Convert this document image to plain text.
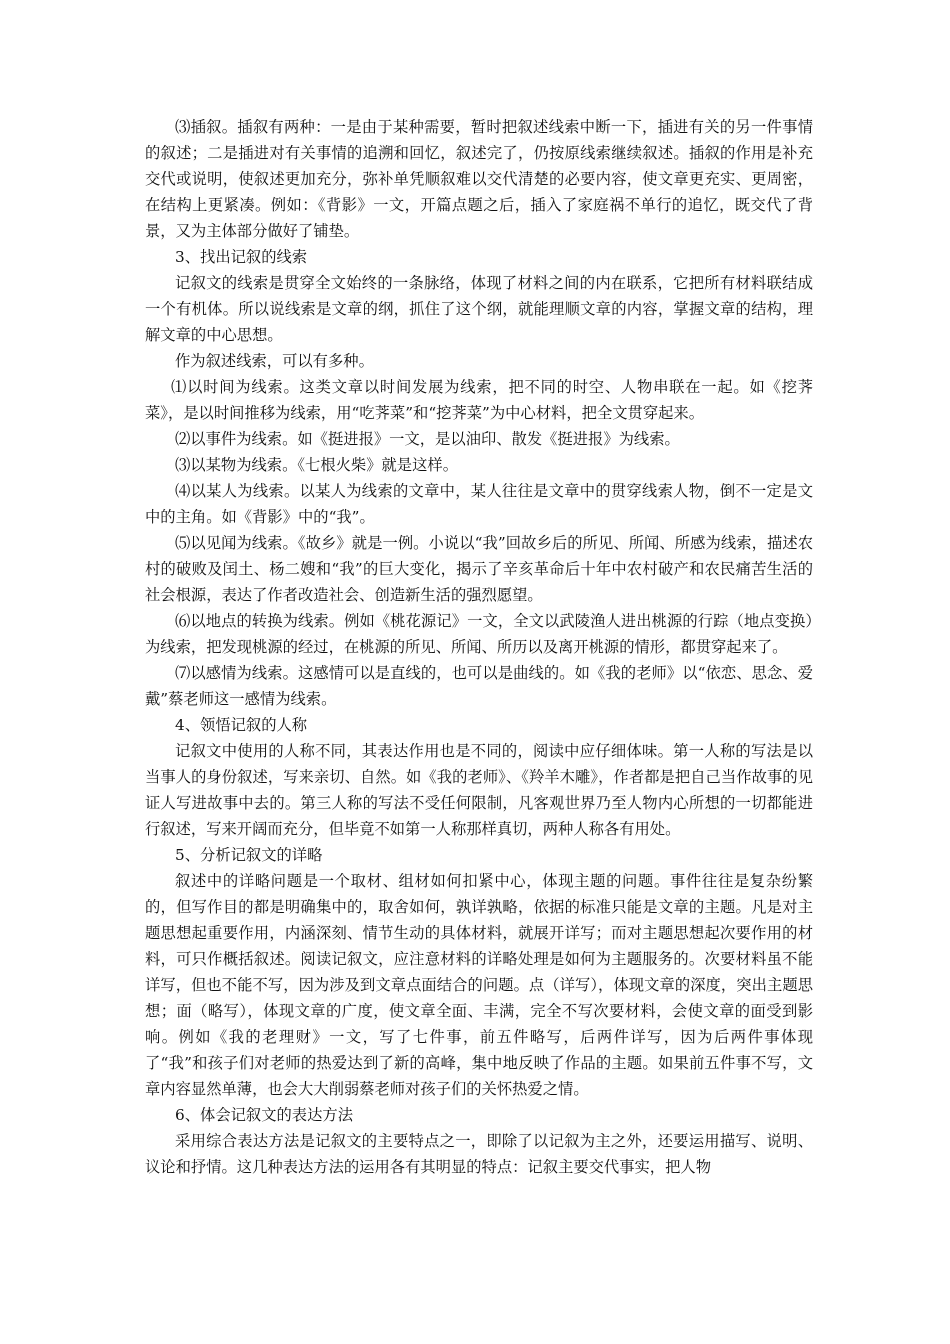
⑶插叙。插叙有两种：一是由于某种需要，暂时把叙述线索中断一下，插进有关的另一件事情的叙述；二是插进对有关事情的追溯和回忆，叙述完了，仍按原线索继续叙述。插叙的作用是补充交代或说明，使叙述更加充分，弥补单凭顺叙难以交代清楚的必要内容，使文章更充实、更周密，在结构上更紧凑。例如：《背影》一文，开篇点题之后，插入了家庭祸不单行的追忆，既交代了背景，又为主体部分做好了铺垫。

3、找出记叙的线索

记叙文的线索是贯穿全文始终的一条脉络，体现了材料之间的内在联系，它把所有材料联结成一个有机体。所以说线索是文章的纲，抓住了这个纲，就能理顺文章的内容，掌握文章的结构，理解文章的中心思想。

作为叙述线索，可以有多种。

⑴以时间为线索。这类文章以时间发展为线索，把不同的时空、人物串联在一起。如《挖荠菜》，是以时间推移为线索，用“吃荠菜”和“挖荠菜”为中心材料，把全文贯穿起来。

⑵以事件为线索。如《挺进报》一文，是以油印、散发《挺进报》为线索。

⑶以某物为线索。《七根火柴》就是这样。

⑷以某人为线索。以某人为线索的文章中，某人往往是文章中的贯穿线索人物，倒不一定是文中的主角。如《背影》中的“我”。

⑸以见闻为线索。《故乡》就是一例。小说以“我”回故乡后的所见、所闻、所感为线索，描述农村的破败及闰土、杨二嫂和“我”的巨大变化，揭示了辛亥革命后十年中农村破产和农民痛苦生活的社会根源，表达了作者改造社会、创造新生活的强烈愿望。

⑹以地点的转换为线索。例如《桃花源记》一文，全文以武陵渔人进出桃源的行踪（地点变换）为线索，把发现桃源的经过，在桃源的所见、所闻、所历以及离开桃源的情形，都贯穿起来了。

⑺以感情为线索。这感情可以是直线的，也可以是曲线的。如《我的老师》以“依恋、思念、爱戴”蔡老师这一感情为线索。

4、领悟记叙的人称

记叙文中使用的人称不同，其表达作用也是不同的，阅读中应仔细体味。第一人称的写法是以当事人的身份叙述，写来亲切、自然。如《我的老师》、《羚羊木雕》，作者都是把自己当作故事的见证人写进故事中去的。第三人称的写法不受任何限制，凡客观世界乃至人物内心所想的一切都能进行叙述，写来开阔而充分，但毕竟不如第一人称那样真切，两种人称各有用处。

5、分析记叙文的详略

叙述中的详略问题是一个取材、组材如何扣紧中心，体现主题的问题。事件往往是复杂纷繁的，但写作目的都是明确集中的，取舍如何，孰详孰略，依据的标准只能是文章的主题。凡是对主题思想起重要作用，内涵深刻、情节生动的具体材料，就展开详写；而对主题思想起次要作用的材料，可只作概括叙述。阅读记叙文，应注意材料的详略处理是如何为主题服务的。次要材料虽不能详写，但也不能不写，因为涉及到文章点面结合的问题。点（详写），体现文章的深度，突出主题思想；面（略写），体现文章的广度，使文章全面、丰满，完全不写次要材料，会使文章的面受到影响。例如《我的老理财》一文，写了七件事，前五件略写，后两件详写，因为后两件事体现了“我”和孩子们对老师的热爱达到了新的高峰，集中地反映了作品的主题。如果前五件事不写，文章内容显然单薄，也会大大削弱蔡老师对孩子们的关怀热爱之情。

6、体会记叙文的表达方法

采用综合表达方法是记叙文的主要特点之一，即除了以记叙为主之外，还要运用描写、说明、议论和抒情。这几种表达方法的运用各有其明显的特点：记叙主要交代事实，把人物
